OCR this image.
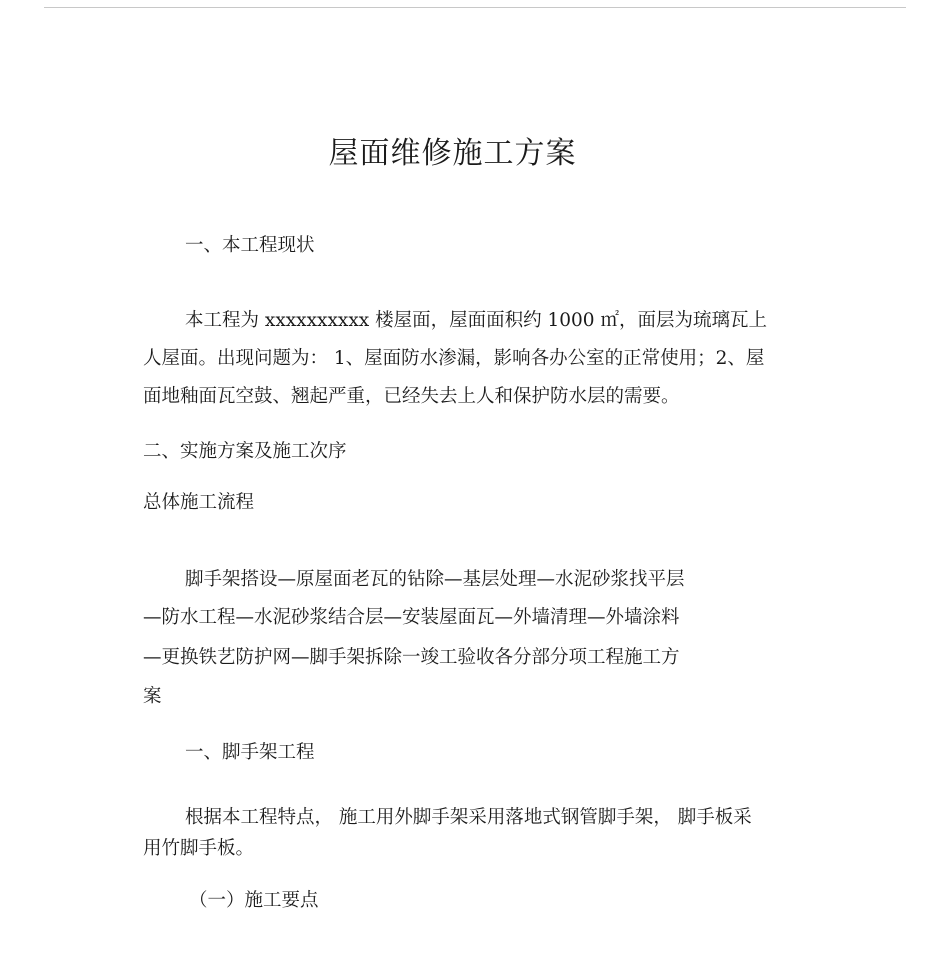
屋面维修施工方案
一、本工程现状
本工程为 xxxxxxxxxx 楼屋面，屋面面积约 1000 ㎡，面层为琉璃瓦上
人屋面。出现问题为： 1、屋面防水渗漏，影响各办公室的正常使用；2、屋
面地釉面瓦空鼓、翘起严重，已经失去上人和保护防水层的需要。
二、实施方案及施工次序
总体施工流程
脚手架搭设—原屋面老瓦的钻除—基层处理—水泥砂浆找平层
—防水工程—水泥砂浆结合层—安装屋面瓦—外墙清理—外墙涂料
—更换铁艺防护网—脚手架拆除一竣工验收各分部分项工程施工方
案
一、脚手架工程
根据本工程特点， 施工用外脚手架采用落地式钢管脚手架， 脚手板采
用竹脚手板。
（一）施工要点
